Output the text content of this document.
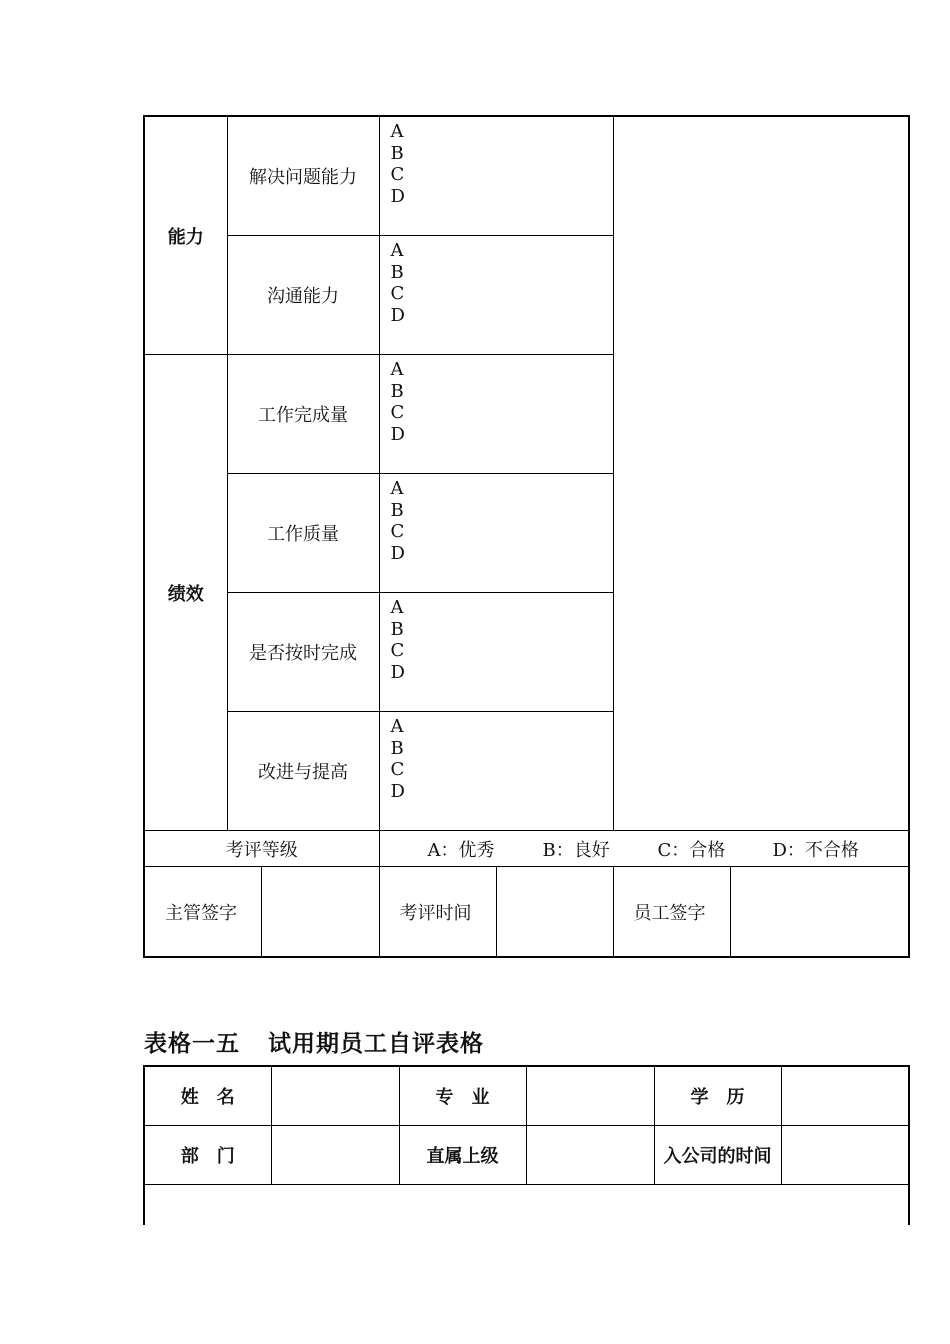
能力	解决问题能力		A
B
C
D			

	沟通能力		A
B
C
D			

绩效	工作完成量		A
B
C
D			

	工作质量		A
B
C
D			

	是否按时完成		A
B
C
D			

	改进与提高		A
B
C
D			

考评等级			A：优秀 B：良好 C：合格 D：不合格			
主管签字			考评时间		员工签字	
表格一五 试用期员工自评表格
姓　名		专　业		学　历	
部　门		直属上级		入公司的时间	
